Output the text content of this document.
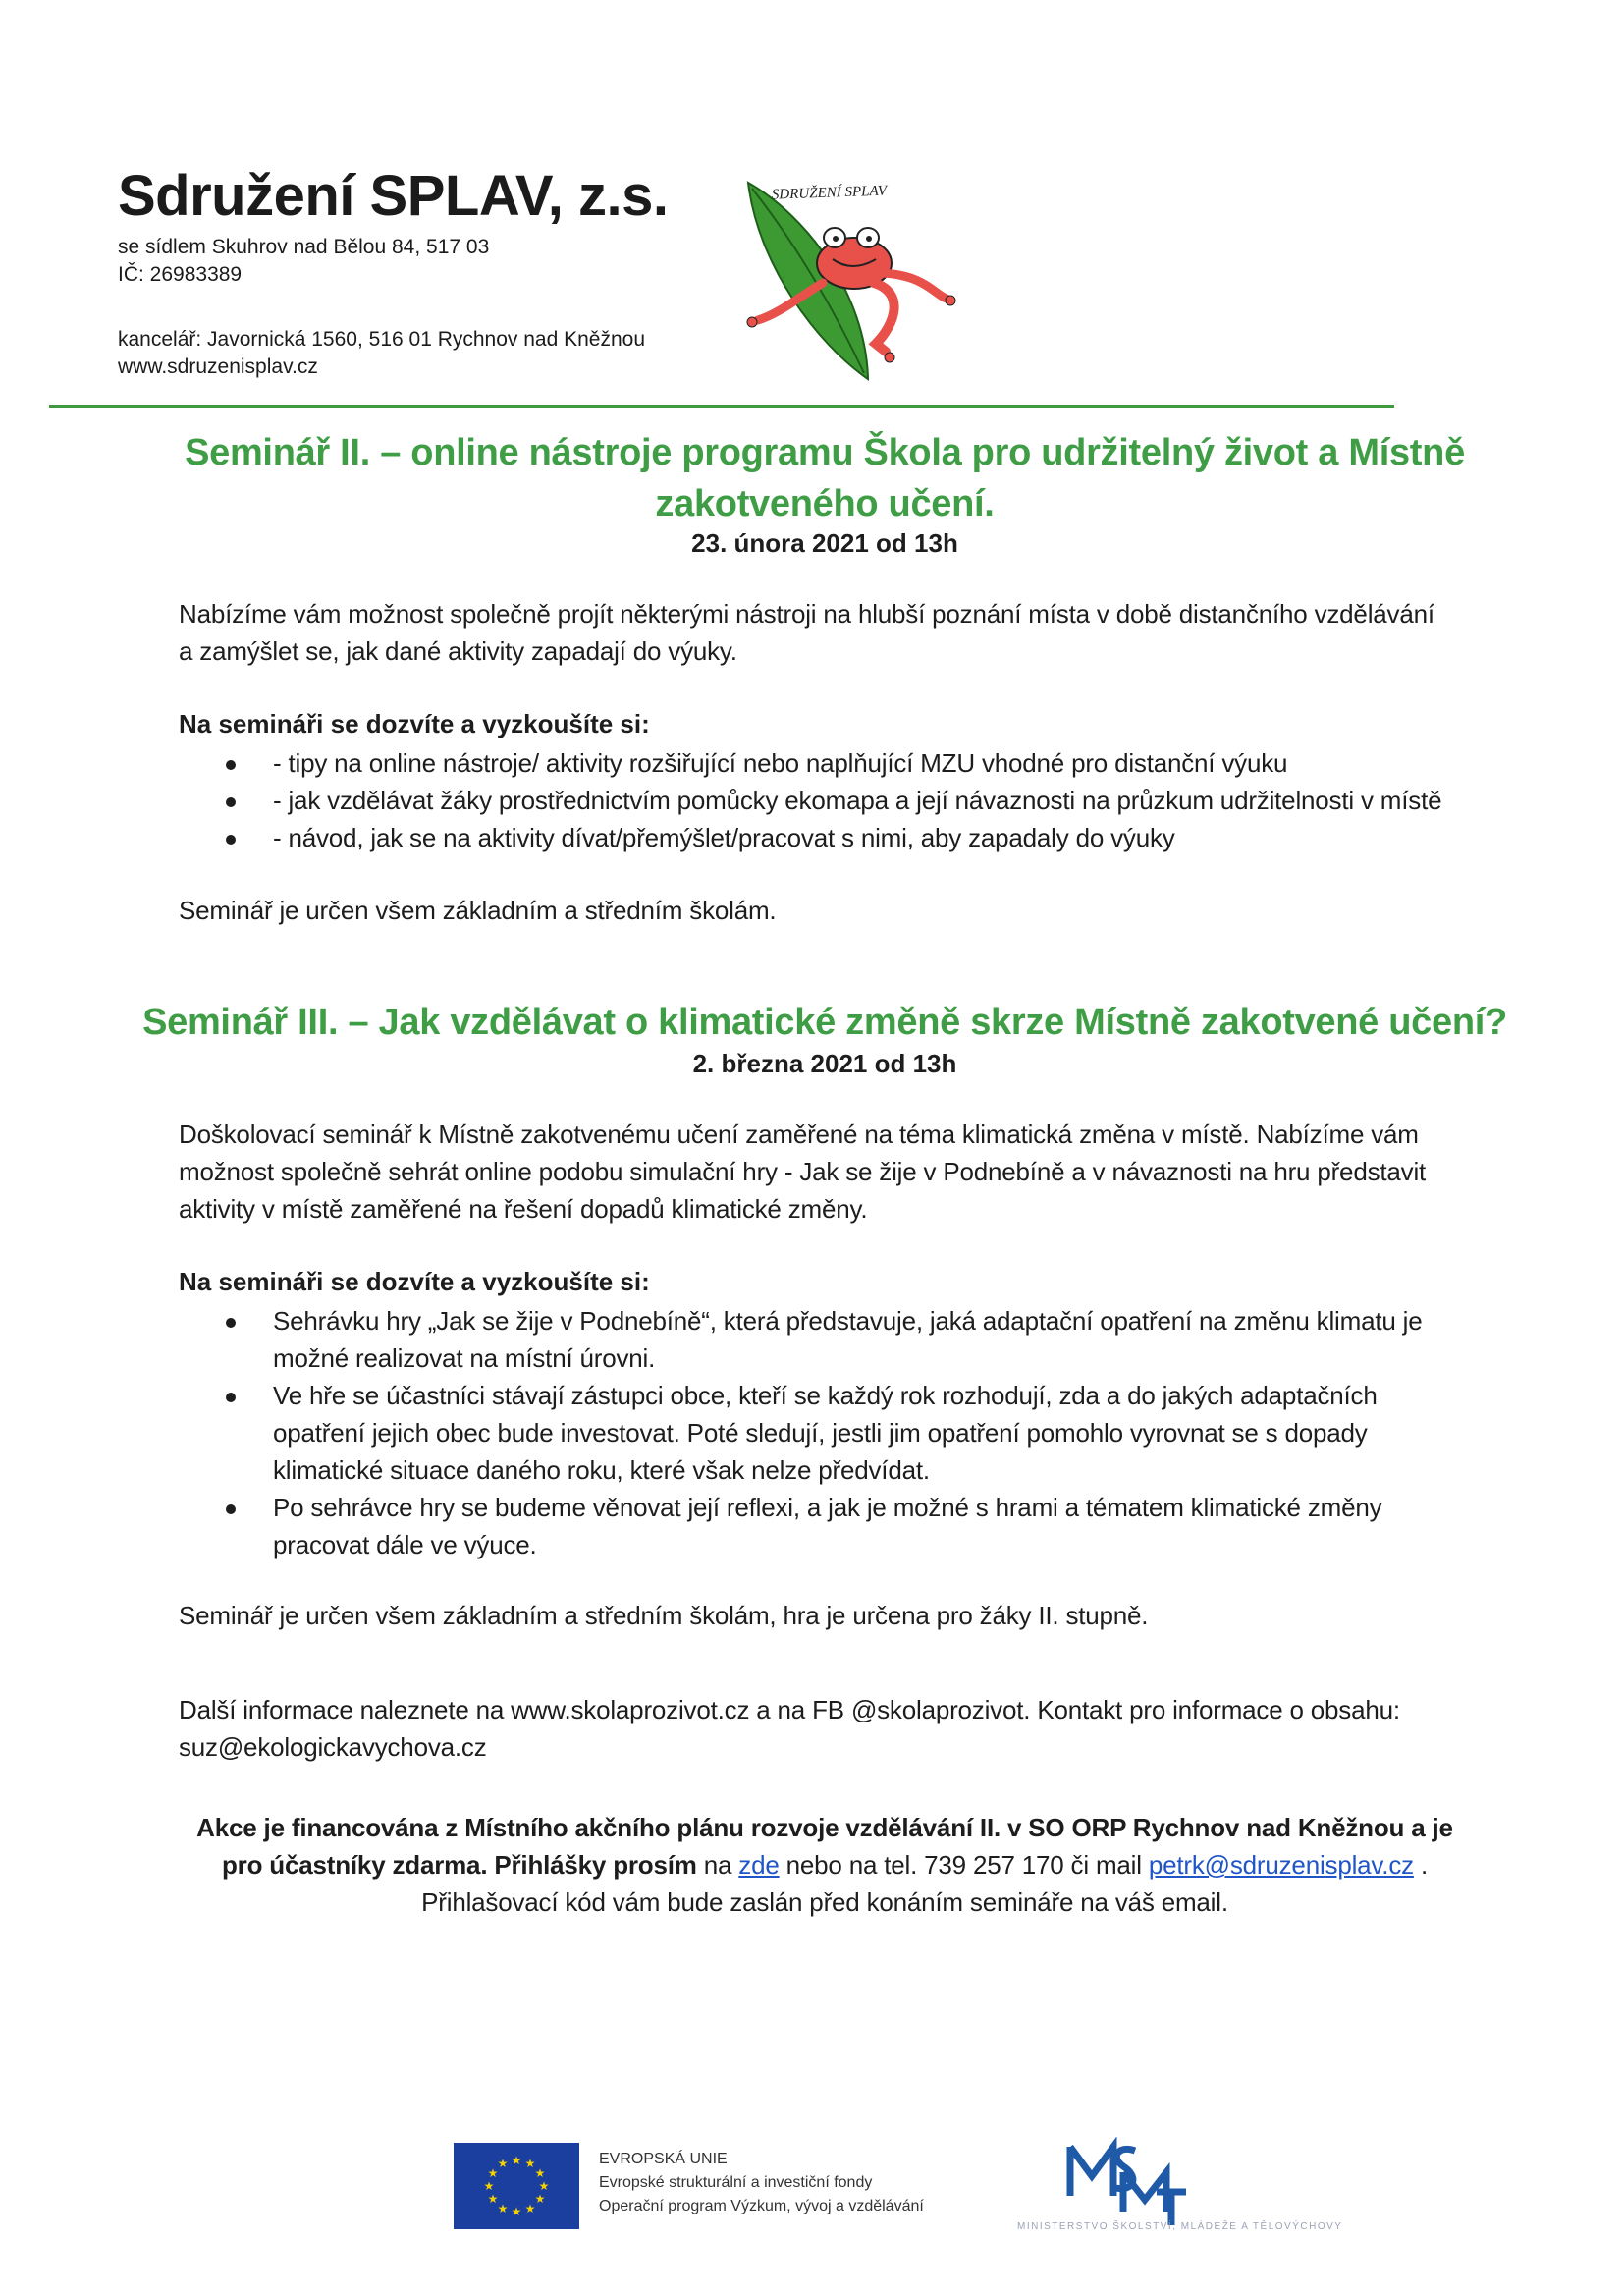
Sdružení SPLAV, z.s.
se sídlem Skuhrov nad Bělou 84, 517 03
IČ: 26983389
kancelář: Javornická 1560, 516 01 Rychnov nad Kněžnou
www.sdruzenisplav.cz
SDRUŽENÍ SPLAV
Seminář II. – online nástroje programu Škola pro udržitelný život a Místně
zakotveného učení.
23. února 2021 od 13h
Nabízíme vám možnost společně projít některými nástroji na hlubší poznání místa v době distančního vzdělávání
a zamýšlet se, jak dané aktivity zapadají do výuky.
Na semináři se dozvíte a vyzkoušíte si:
- tipy na online nástroje/ aktivity rozšiřující nebo naplňující MZU vhodné pro distanční výuku
- jak vzdělávat žáky prostřednictvím pomůcky ekomapa a její návaznosti na průzkum udržitelnosti v místě
- návod, jak se na aktivity dívat/přemýšlet/pracovat s nimi, aby zapadaly do výuky
Seminář je určen všem základním a středním školám.
Seminář III. – Jak vzdělávat o klimatické změně skrze Místně zakotvené učení?
2. března 2021 od 13h
Doškolovací seminář k Místně zakotvenému učení zaměřené na téma klimatická změna v místě. Nabízíme vám
možnost společně sehrát online podobu simulační hry - Jak se žije v Podnebíně a v návaznosti na hru představit
aktivity v místě zaměřené na řešení dopadů klimatické změny.
Na semináři se dozvíte a vyzkoušíte si:
Sehrávku hry „Jak se žije v Podnebíně“, která představuje, jaká adaptační opatření na změnu klimatu je
možné realizovat na místní úrovni.
Ve hře se účastníci stávají zástupci obce, kteří se každý rok rozhodují, zda a do jakých adaptačních
opatření jejich obec bude investovat. Poté sledují, jestli jim opatření pomohlo vyrovnat se s dopady
klimatické situace daného roku, které však nelze předvídat.
Po sehrávce hry se budeme věnovat její reflexi, a jak je možné s hrami a tématem klimatické změny
pracovat dále ve výuce.
Seminář je určen všem základním a středním školám, hra je určena pro žáky II. stupně.
Další informace naleznete na www.skolaprozivot.cz a na FB @skolaprozivot. Kontakt pro informace o obsahu:
suz@ekologickavychova.cz
Akce je financována z Místního akčního plánu rozvoje vzdělávání II. v SO ORP Rychnov nad Kněžnou a je
pro účastníky zdarma. Přihlášky prosím na zde nebo na tel. 739 257 170 či mail petrk@sdruzenisplav.cz .
Přihlašovací kód vám bude zaslán před konáním semináře na váš email.
★ ★
★
★
★
★
★
★
★
★
★
★	EVROPSKÁ UNIE
Evropské strukturální a investiční fondy
Operační program Výzkum, vývoj a vzdělávání
MINISTERSTVO ŠKOLSTVÍ, MLÁDEŽE A TĚLOVÝCHOVY
